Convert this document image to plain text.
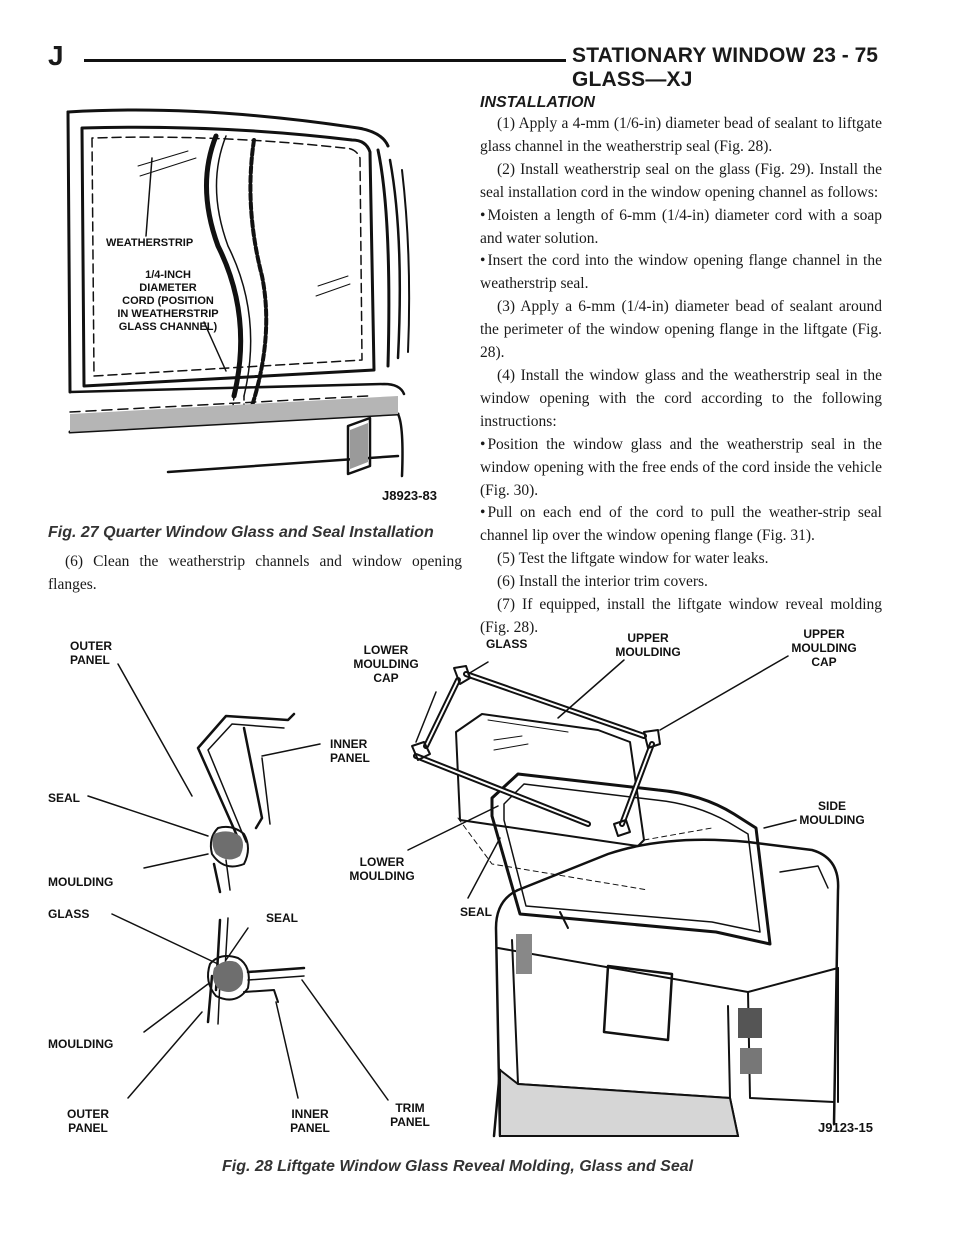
J	STATIONARY WINDOW GLASS—XJ
23 - 75
WEATHERSTRIP
1/4-INCH
DIAMETER
CORD (POSITION
IN WEATHERSTRIP
GLASS CHANNEL)
J8923-83
Fig. 27 Quarter Window Glass and Seal Installation

(6) Clean the weatherstrip channels and window opening flanges.

INSTALLATION

(1) Apply a 4-mm (1/6-in) diameter bead of sealant to liftgate glass channel in the weatherstrip seal (Fig. 28).

(2) Install weatherstrip seal on the glass (Fig. 29). Install the seal installation cord in the window opening channel as follows:

• Moisten a length of 6-mm (1/4-in) diameter cord with a soap and water solution.

• Insert the cord into the window opening flange channel in the weatherstrip seal.

(3) Apply a 6-mm (1/4-in) diameter bead of sealant around the perimeter of the window opening flange in the liftgate (Fig. 28).

(4) Install the window glass and the weatherstrip seal in the window opening with the cord according to the following instructions:

• Position the window glass and the weatherstrip seal in the window opening with the free ends of the cord inside the vehicle (Fig. 30).

• Pull on each end of the cord to pull the weather-strip seal channel lip over the window opening flange (Fig. 31).

(5) Test the liftgate window for water leaks.

(6) Install the interior trim covers.

(7) If equipped, install the liftgate window reveal molding (Fig. 28).

OUTER
PANEL
SEAL
MOULDING
GLASS
INNER
PANEL
LOWER
MOULDING
CAP
GLASS	UPPER
MOULDING
UPPER
MOULDING
CAP
SIDE
MOULDING
LOWER
MOULDING
SEAL
SEAL
MOULDING
OUTER
PANEL
INNER
PANEL
TRIM
PANEL	J9123-15
Fig. 28 Liftgate Window Glass Reveal Molding, Glass and Seal
